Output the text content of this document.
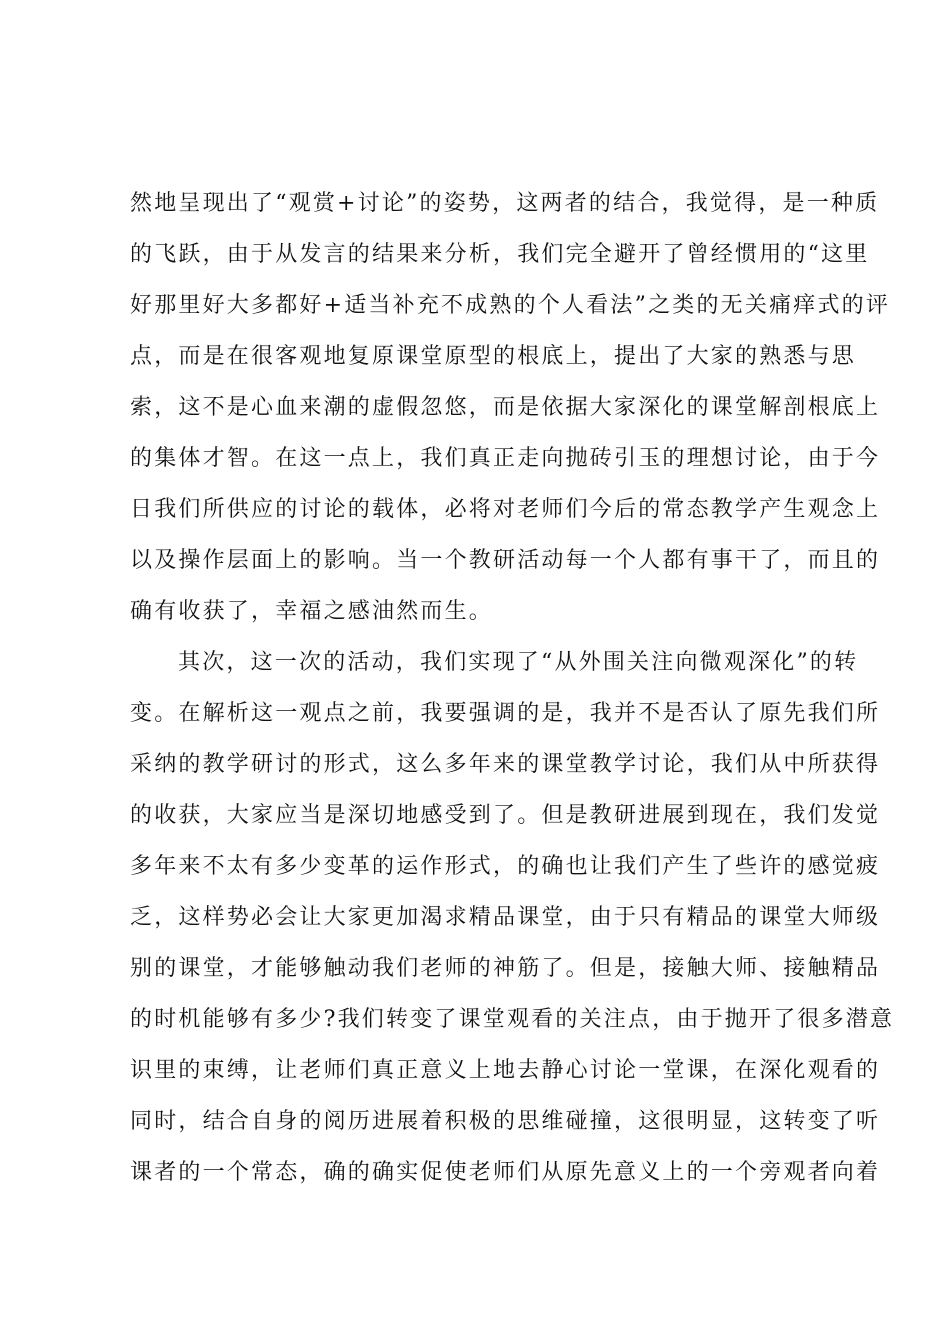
然地呈现出了“观赏+讨论”的姿势，这两者的结合，我觉得，是一种质
的飞跃，由于从发言的结果来分析，我们完全避开了曾经惯用的“这里
好那里好大多都好+适当补充不成熟的个人看法”之类的无关痛痒式的评
点，而是在很客观地复原课堂原型的根底上，提出了大家的熟悉与思
索，这不是心血来潮的虚假忽悠，而是依据大家深化的课堂解剖根底上
的集体才智。在这一点上，我们真正走向抛砖引玉的理想讨论，由于今
日我们所供应的讨论的载体，必将对老师们今后的常态教学产生观念上
以及操作层面上的影响。当一个教研活动每一个人都有事干了，而且的
确有收获了，幸福之感油然而生。
其次，这一次的活动，我们实现了“从外围关注向微观深化”的转
变。在解析这一观点之前，我要强调的是，我并不是否认了原先我们所
采纳的教学研讨的形式，这么多年来的课堂教学讨论，我们从中所获得
的收获，大家应当是深切地感受到了。但是教研进展到现在，我们发觉
多年来不太有多少变革的运作形式，的确也让我们产生了些许的感觉疲
乏，这样势必会让大家更加渴求精品课堂，由于只有精品的课堂大师级
别的课堂，才能够触动我们老师的神筋了。但是，接触大师、接触精品
的时机能够有多少?我们转变了课堂观看的关注点，由于抛开了很多潜意
识里的束缚，让老师们真正意义上地去静心讨论一堂课，在深化观看的
同时，结合自身的阅历进展着积极的思维碰撞，这很明显，这转变了听
课者的一个常态，确的确实促使老师们从原先意义上的一个旁观者向着
